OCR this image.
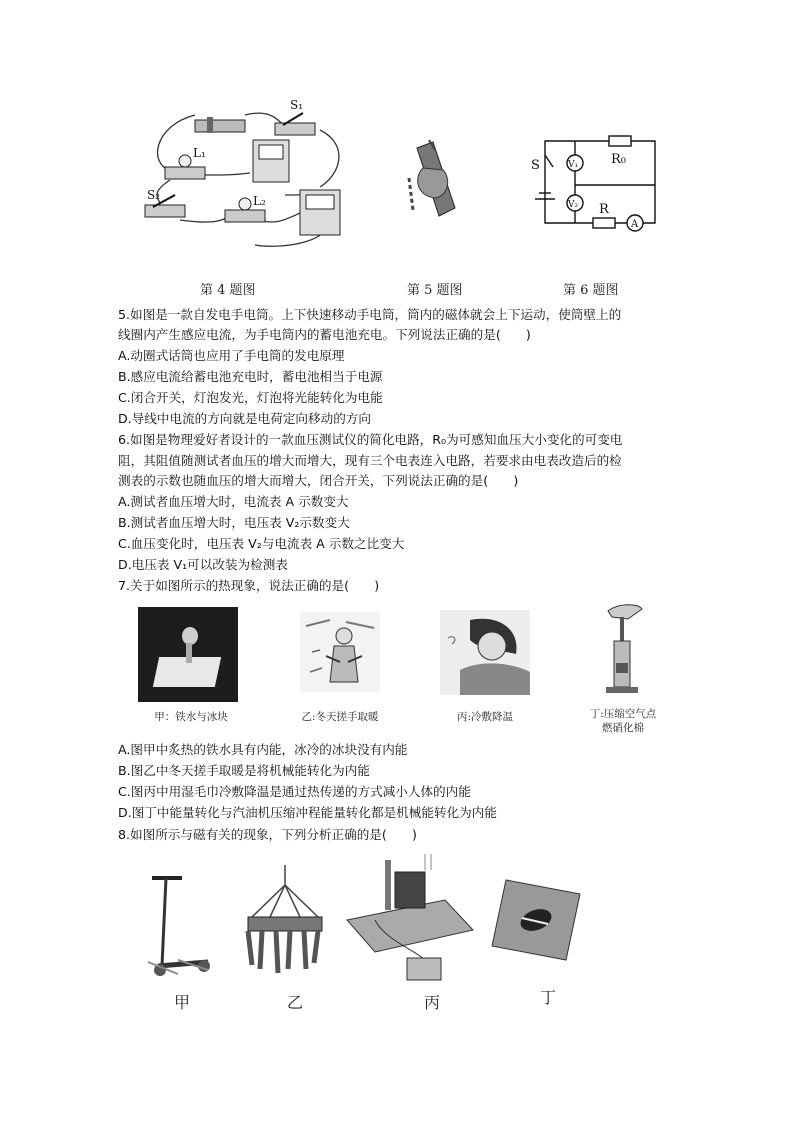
S₁
L₁
S₂	L₂
S	V₁
V₂
R₀
R
A
第 4 题图	第 5 题图	第 6 题图
5.如图是一款自发电手电筒。上下快速移动手电筒，筒内的磁体就会上下运动，使筒壁上的
线圈内产生感应电流，为手电筒内的蓄电池充电。下列说法正确的是(　　)
A.动圈式话筒也应用了手电筒的发电原理
B.感应电流给蓄电池充电时，蓄电池相当于电源
C.闭合开关，灯泡发光，灯泡将光能转化为电能
D.导线中电流的方向就是电荷定向移动的方向
6.如图是物理爱好者设计的一款血压测试仪的简化电路，R₀为可感知血压大小变化的可变电
阻，其阻值随测试者血压的增大而增大，现有三个电表连入电路，若要求由电表改造后的检
测表的示数也随血压的增大而增大，闭合开关，下列说法正确的是(　　)
A.测试者血压增大时，电流表 A 示数变大
B.测试者血压增大时，电压表 V₂示数变大
C.血压变化时，电压表 V₂与电流表 A 示数之比变大
D.电压表 V₁可以改装为检测表
7.关于如图所示的热现象，说法正确的是(　　)
甲：铁水与冰块	乙:冬天搓手取暖	丙:冷敷降温	丁:压缩空气点
燃硝化棉
A.图甲中炙热的铁水具有内能，冰冷的冰块没有内能
B.图乙中冬天搓手取暖是将机械能转化为内能
C.图丙中用湿毛巾冷敷降温是通过热传递的方式减小人体的内能
D.图丁中能量转化与汽油机压缩冲程能量转化都是机械能转化为内能
8.如图所示与磁有关的现象，下列分析正确的是(　　)
甲	乙	丙	丁
